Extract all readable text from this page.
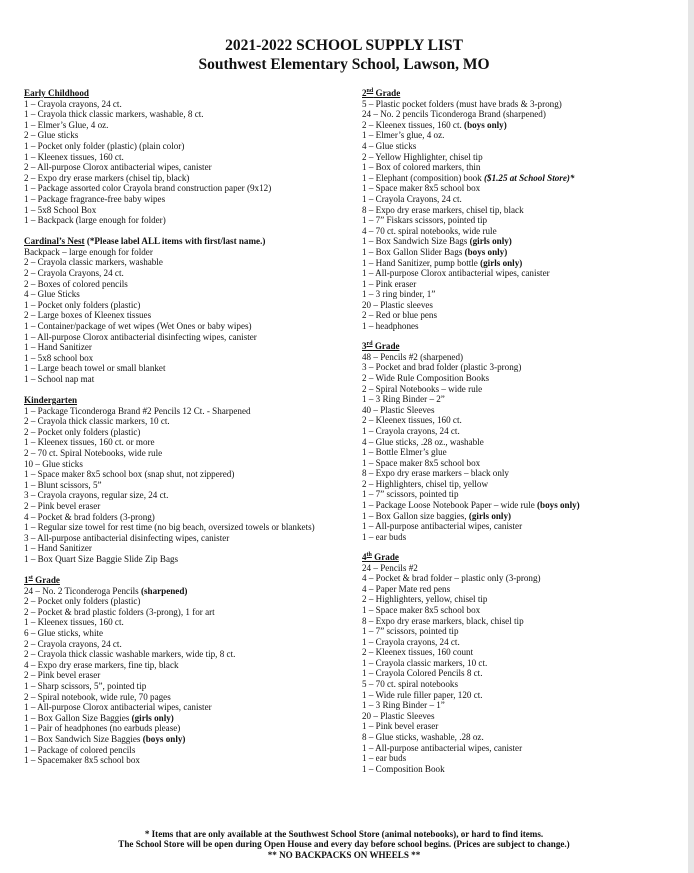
2021-2022 SCHOOL SUPPLY LIST
Southwest Elementary School, Lawson, MO
Early Childhood
1 – Crayola crayons, 24 ct.
1 – Crayola thick classic markers, washable, 8 ct.
1 – Elmer’s Glue, 4 oz.
2 – Glue sticks
1 – Pocket only folder (plastic) (plain color)
1 – Kleenex tissues, 160 ct.
2 – All-purpose Clorox antibacterial wipes, canister
2 – Expo dry erase markers (chisel tip, black)
1 – Package assorted color Crayola brand construction paper (9x12)
1 – Package fragrance-free baby wipes
1 – 5x8 School Box
1 – Backpack (large enough for folder)
Cardinal’s Nest (*Please label ALL items with first/last name.)
Backpack – large enough for folder
2 – Crayola classic markers, washable
2 – Crayola Crayons, 24 ct.
2 – Boxes of colored pencils
4 – Glue Sticks
1 – Pocket only folders (plastic)
2 – Large boxes of Kleenex tissues
1 – Container/package of wet wipes (Wet Ones or baby wipes)
1 – All-purpose Clorox antibacterial disinfecting wipes, canister
1 – Hand Sanitizer
1 – 5x8 school box
1 – Large beach towel or small blanket
1 – School nap mat
Kindergarten
1 – Package Ticonderoga Brand #2 Pencils 12 Ct. - Sharpened
2 – Crayola thick classic markers, 10 ct.
2 – Pocket only folders (plastic)
1 – Kleenex tissues, 160 ct. or more
2 – 70 ct. Spiral Notebooks, wide rule
10 – Glue sticks
1 – Space maker 8x5 school box (snap shut, not zippered)
1 – Blunt scissors, 5”
3 – Crayola crayons, regular size, 24 ct.
2 – Pink bevel eraser
4 – Pocket & brad folders (3-prong)
1 – Regular size towel for rest time (no big beach, oversized towels or blankets)
3 – All-purpose antibacterial disinfecting wipes, canister
1 – Hand Sanitizer
1 – Box Quart Size Baggie Slide Zip Bags
1st Grade
24 – No. 2 Ticonderoga Pencils (sharpened)
2 – Pocket only folders (plastic)
2 – Pocket & brad plastic folders (3-prong), 1 for art
1 – Kleenex tissues, 160 ct.
6 – Glue sticks, white
2 – Crayola crayons, 24 ct.
2 – Crayola thick classic washable markers, wide tip, 8 ct.
4 – Expo dry erase markers, fine tip, black
2 – Pink bevel eraser
1 – Sharp scissors, 5”, pointed tip
2 – Spiral notebook, wide rule, 70 pages
1 – All-purpose Clorox antibacterial wipes, canister
1 – Box Gallon Size Baggies (girls only)
1 – Pair of headphones (no earbuds please)
1 – Box Sandwich Size Baggies (boys only)
1 – Package of colored pencils
1 – Spacemaker 8x5 school box
2nd Grade
5 – Plastic pocket folders (must have brads & 3-prong)
24 – No. 2 pencils Ticonderoga Brand (sharpened)
2 – Kleenex tissues, 160 ct. (boys only)
1 – Elmer’s glue, 4 oz.
4 – Glue sticks
2 – Yellow Highlighter, chisel tip
1 – Box of colored markers, thin
1 – Elephant (composition) book ($1.25 at School Store)*
1 – Space maker 8x5 school box
1 – Crayola Crayons, 24 ct.
8 – Expo dry erase markers, chisel tip, black
1 – 7” Fiskars scissors, pointed tip
4 – 70 ct. spiral notebooks, wide rule
1 – Box Sandwich Size Bags (girls only)
1 – Box Gallon Slider Bags (boys only)
1 – Hand Sanitizer, pump bottle (girls only)
1 – All-purpose Clorox antibacterial wipes, canister
1 – Pink eraser
1 – 3 ring binder, 1”
20 – Plastic sleeves
2 – Red or blue pens
1 – headphones
3rd Grade
48 – Pencils #2 (sharpened)
3 – Pocket and brad folder (plastic 3-prong)
2 – Wide Rule Composition Books
2 – Spiral Notebooks – wide rule
1 – 3 Ring Binder – 2”
40 – Plastic Sleeves
2 – Kleenex tissues, 160 ct.
1 – Crayola crayons, 24 ct.
4 – Glue sticks, .28 oz., washable
1 – Bottle Elmer’s glue
1 – Space maker 8x5 school box
8 – Expo dry erase markers – black only
2 – Highlighters, chisel tip, yellow
1 – 7” scissors, pointed tip
1 – Package Loose Notebook Paper – wide rule (boys only)
1 – Box Gallon size baggies, (girls only)
1 – All-purpose antibacterial wipes, canister
1 – ear buds
4th Grade
24 – Pencils #2
4 – Pocket & brad folder – plastic only (3-prong)
4 – Paper Mate red pens
2 – Highlighters, yellow, chisel tip
1 – Space maker 8x5 school box
8 – Expo dry erase markers, black, chisel tip
1 – 7” scissors, pointed tip
1 – Crayola crayons, 24 ct.
2 – Kleenex tissues, 160 count
1 – Crayola classic markers, 10 ct.
1 – Crayola Colored Pencils 8 ct.
5 – 70 ct. spiral notebooks
1 – Wide rule filler paper, 120 ct.
1 – 3 Ring Binder – 1”
20 – Plastic Sleeves
1 – Pink bevel eraser
8 – Glue sticks, washable, .28 oz.
1 – All-purpose antibacterial wipes, canister
1 – ear buds
1 – Composition Book
* Items that are only available at the Southwest School Store (animal notebooks), or hard to find items.
The School Store will be open during Open House and every day before school begins. (Prices are subject to change.)
** NO BACKPACKS ON WHEELS **
